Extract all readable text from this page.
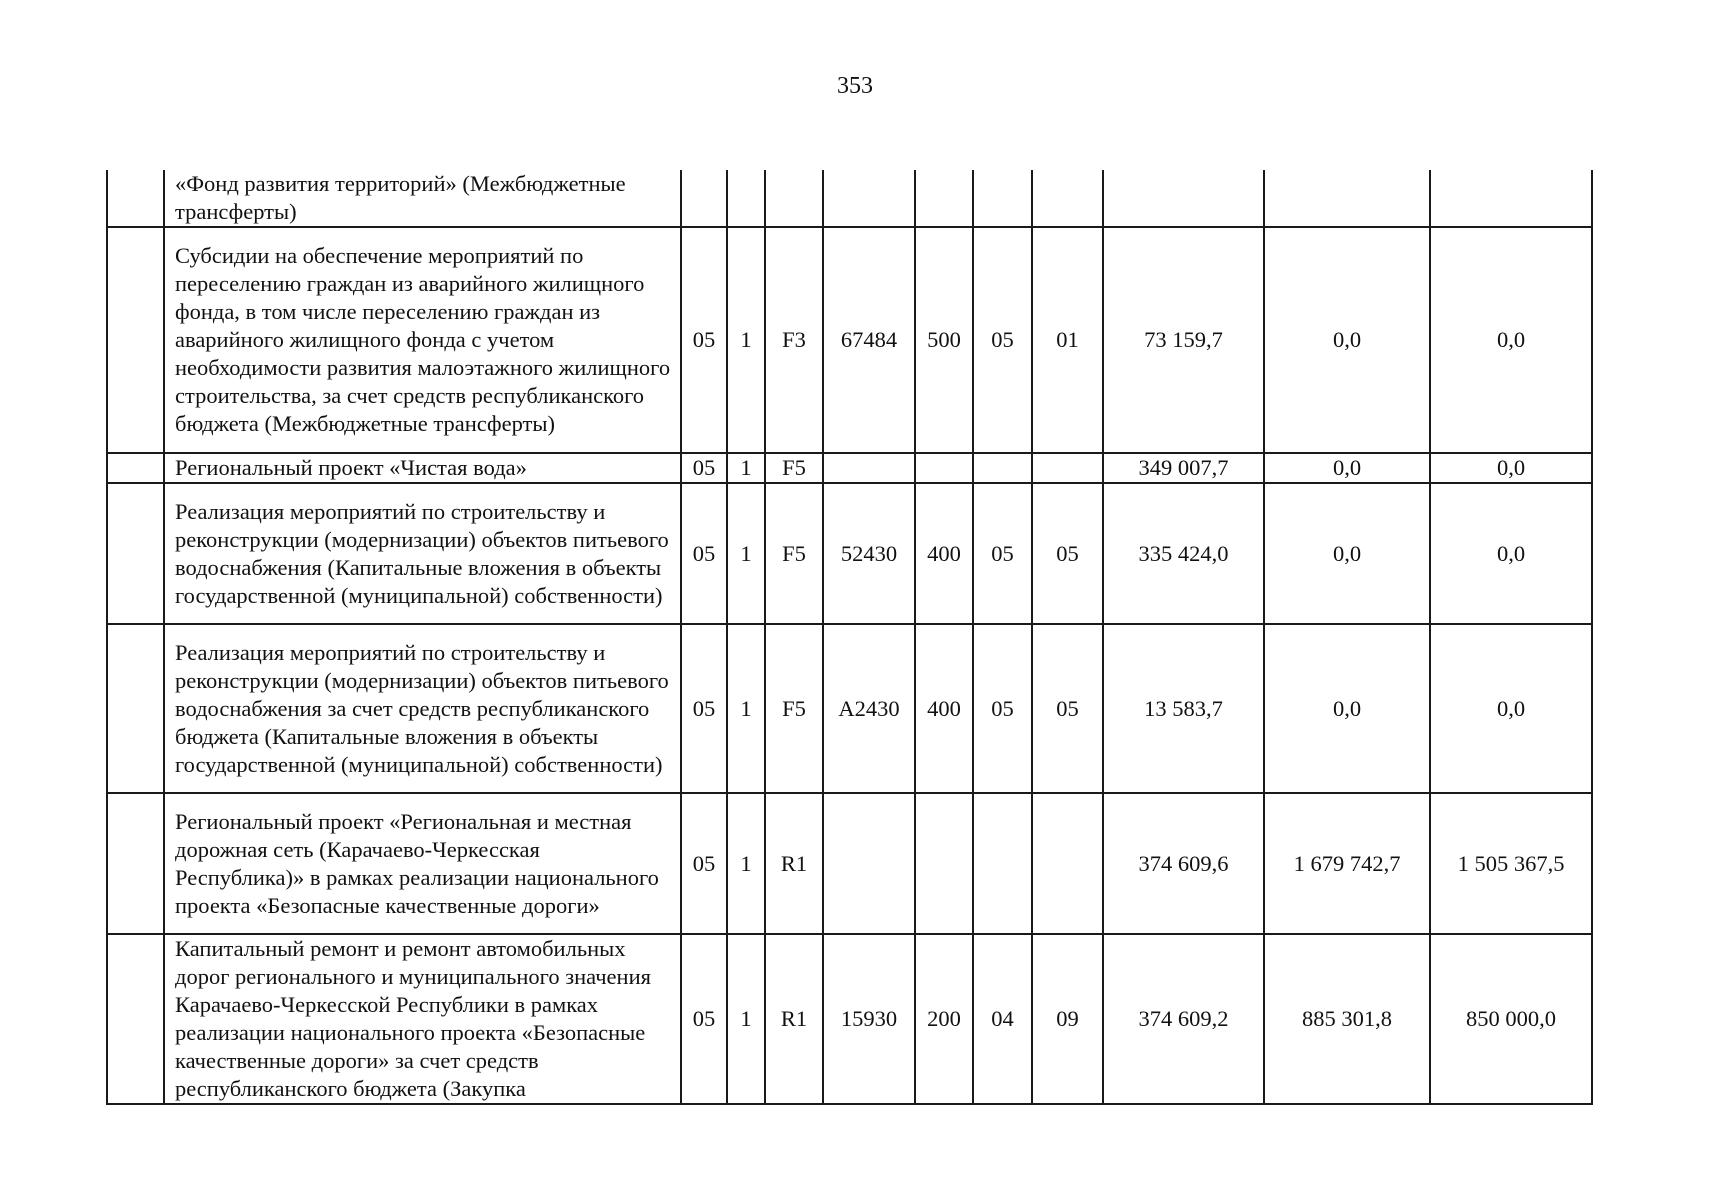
353
	«Фонд развития территорий» (Межбюджетные трансферты)										
	Субсидии на обеспечение мероприятий по переселению граждан из аварийного жилищного фонда, в том числе переселению граждан из аварийного жилищного фонда с учетом необходимости развития малоэтажного жилищного строительства, за счет средств республиканского бюджета (Межбюджетные трансферты)	05	1	F3	67484	500	05	01	73 159,7	0,0	0,0
	Региональный проект «Чистая вода»	05	1	F5					349 007,7	0,0	0,0
	Реализация мероприятий по строительству и реконструкции (модернизации) объектов питьевого водоснабжения (Капитальные вложения в объекты государственной (муниципальной) собственности)	05	1	F5	52430	400	05	05	335 424,0	0,0	0,0
	Реализация мероприятий по строительству и реконструкции (модернизации) объектов питьевого водоснабжения за счет средств республиканского бюджета (Капитальные вложения в объекты государственной (муниципальной) собственности)	05	1	F5	A2430	400	05	05	13 583,7	0,0	0,0
	Региональный проект «Региональная и местная дорожная сеть (Карачаево-Черкесская Республика)» в рамках реализации национального проекта «Безопасные качественные дороги»	05	1	R1					374 609,6	1 679 742,7	1 505 367,5
	Капитальный ремонт и ремонт автомобильных дорог регионального и муниципального значения Карачаево-Черкесской Республики в рамках реализации национального проекта «Безопасные качественные дороги» за счет средств республиканского бюджета (Закупка	05	1	R1	15930	200	04	09	374 609,2	885 301,8	850 000,0
